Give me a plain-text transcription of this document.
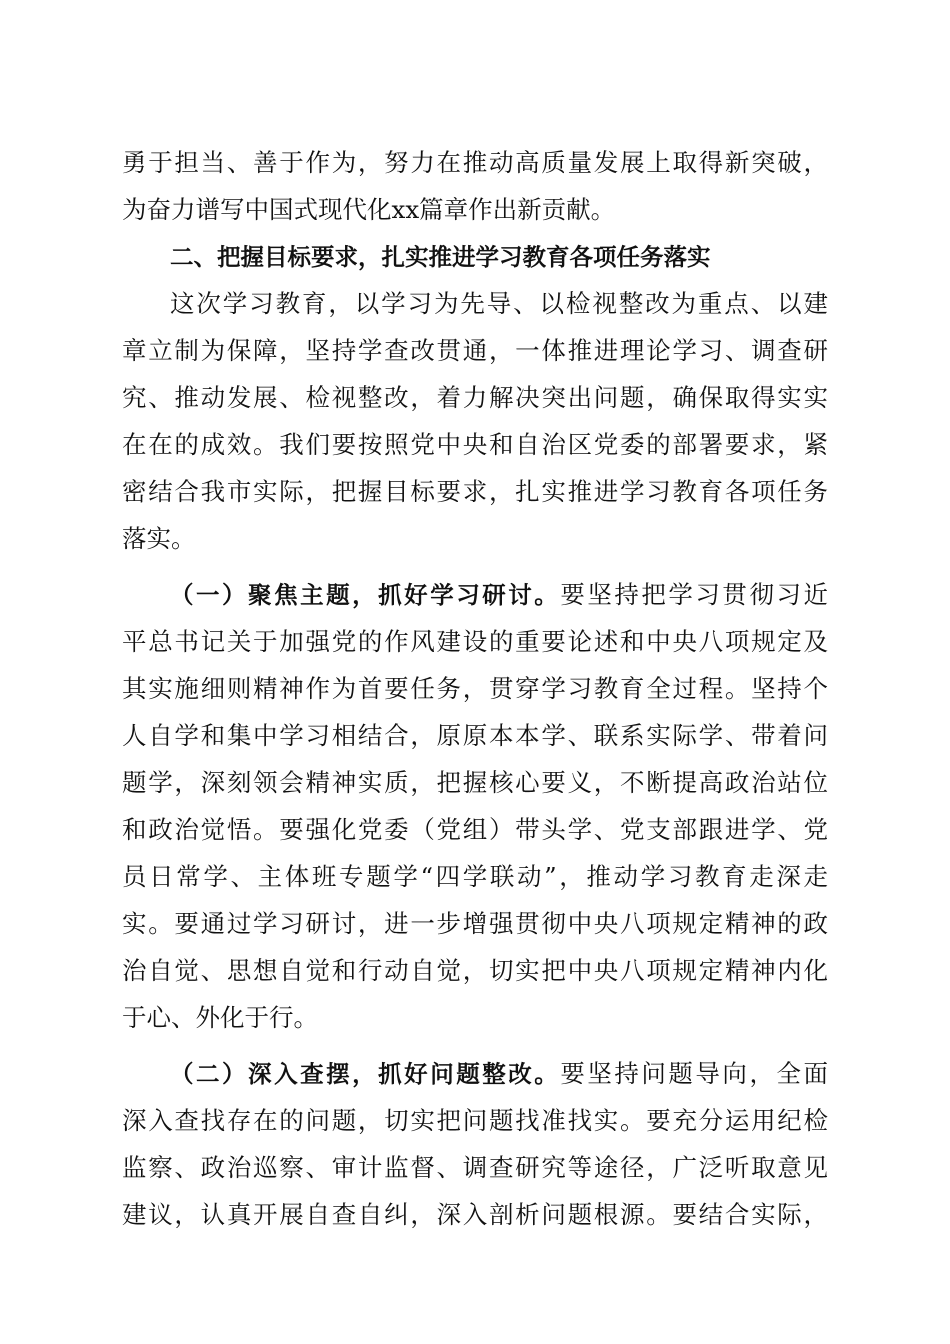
勇于担当、善于作为，努力在推动高质量发展上取得新突破，
为奋力谱写中国式现代化xx篇章作出新贡献。
二、把握目标要求，扎实推进学习教育各项任务落实
这次学习教育，以学习为先导、以检视整改为重点、以建
章立制为保障，坚持学查改贯通，一体推进理论学习、调查研
究、推动发展、检视整改，着力解决突出问题，确保取得实实
在在的成效。我们要按照党中央和自治区党委的部署要求，紧
密结合我市实际，把握目标要求，扎实推进学习教育各项任务
落实。
（一）聚焦主题，抓好学习研讨。要坚持把学习贯彻习近
平总书记关于加强党的作风建设的重要论述和中央八项规定及
其实施细则精神作为首要任务，贯穿学习教育全过程。坚持个
人自学和集中学习相结合，原原本本学、联系实际学、带着问
题学，深刻领会精神实质，把握核心要义，不断提高政治站位
和政治觉悟。要强化党委（党组）带头学、党支部跟进学、党
员日常学、主体班专题学“四学联动”，推动学习教育走深走
实。要通过学习研讨，进一步增强贯彻中央八项规定精神的政
治自觉、思想自觉和行动自觉，切实把中央八项规定精神内化
于心、外化于行。
（二）深入查摆，抓好问题整改。要坚持问题导向，全面
深入查找存在的问题，切实把问题找准找实。要充分运用纪检
监察、政治巡察、审计监督、调查研究等途径，广泛听取意见
建议，认真开展自查自纠，深入剖析问题根源。要结合实际，
